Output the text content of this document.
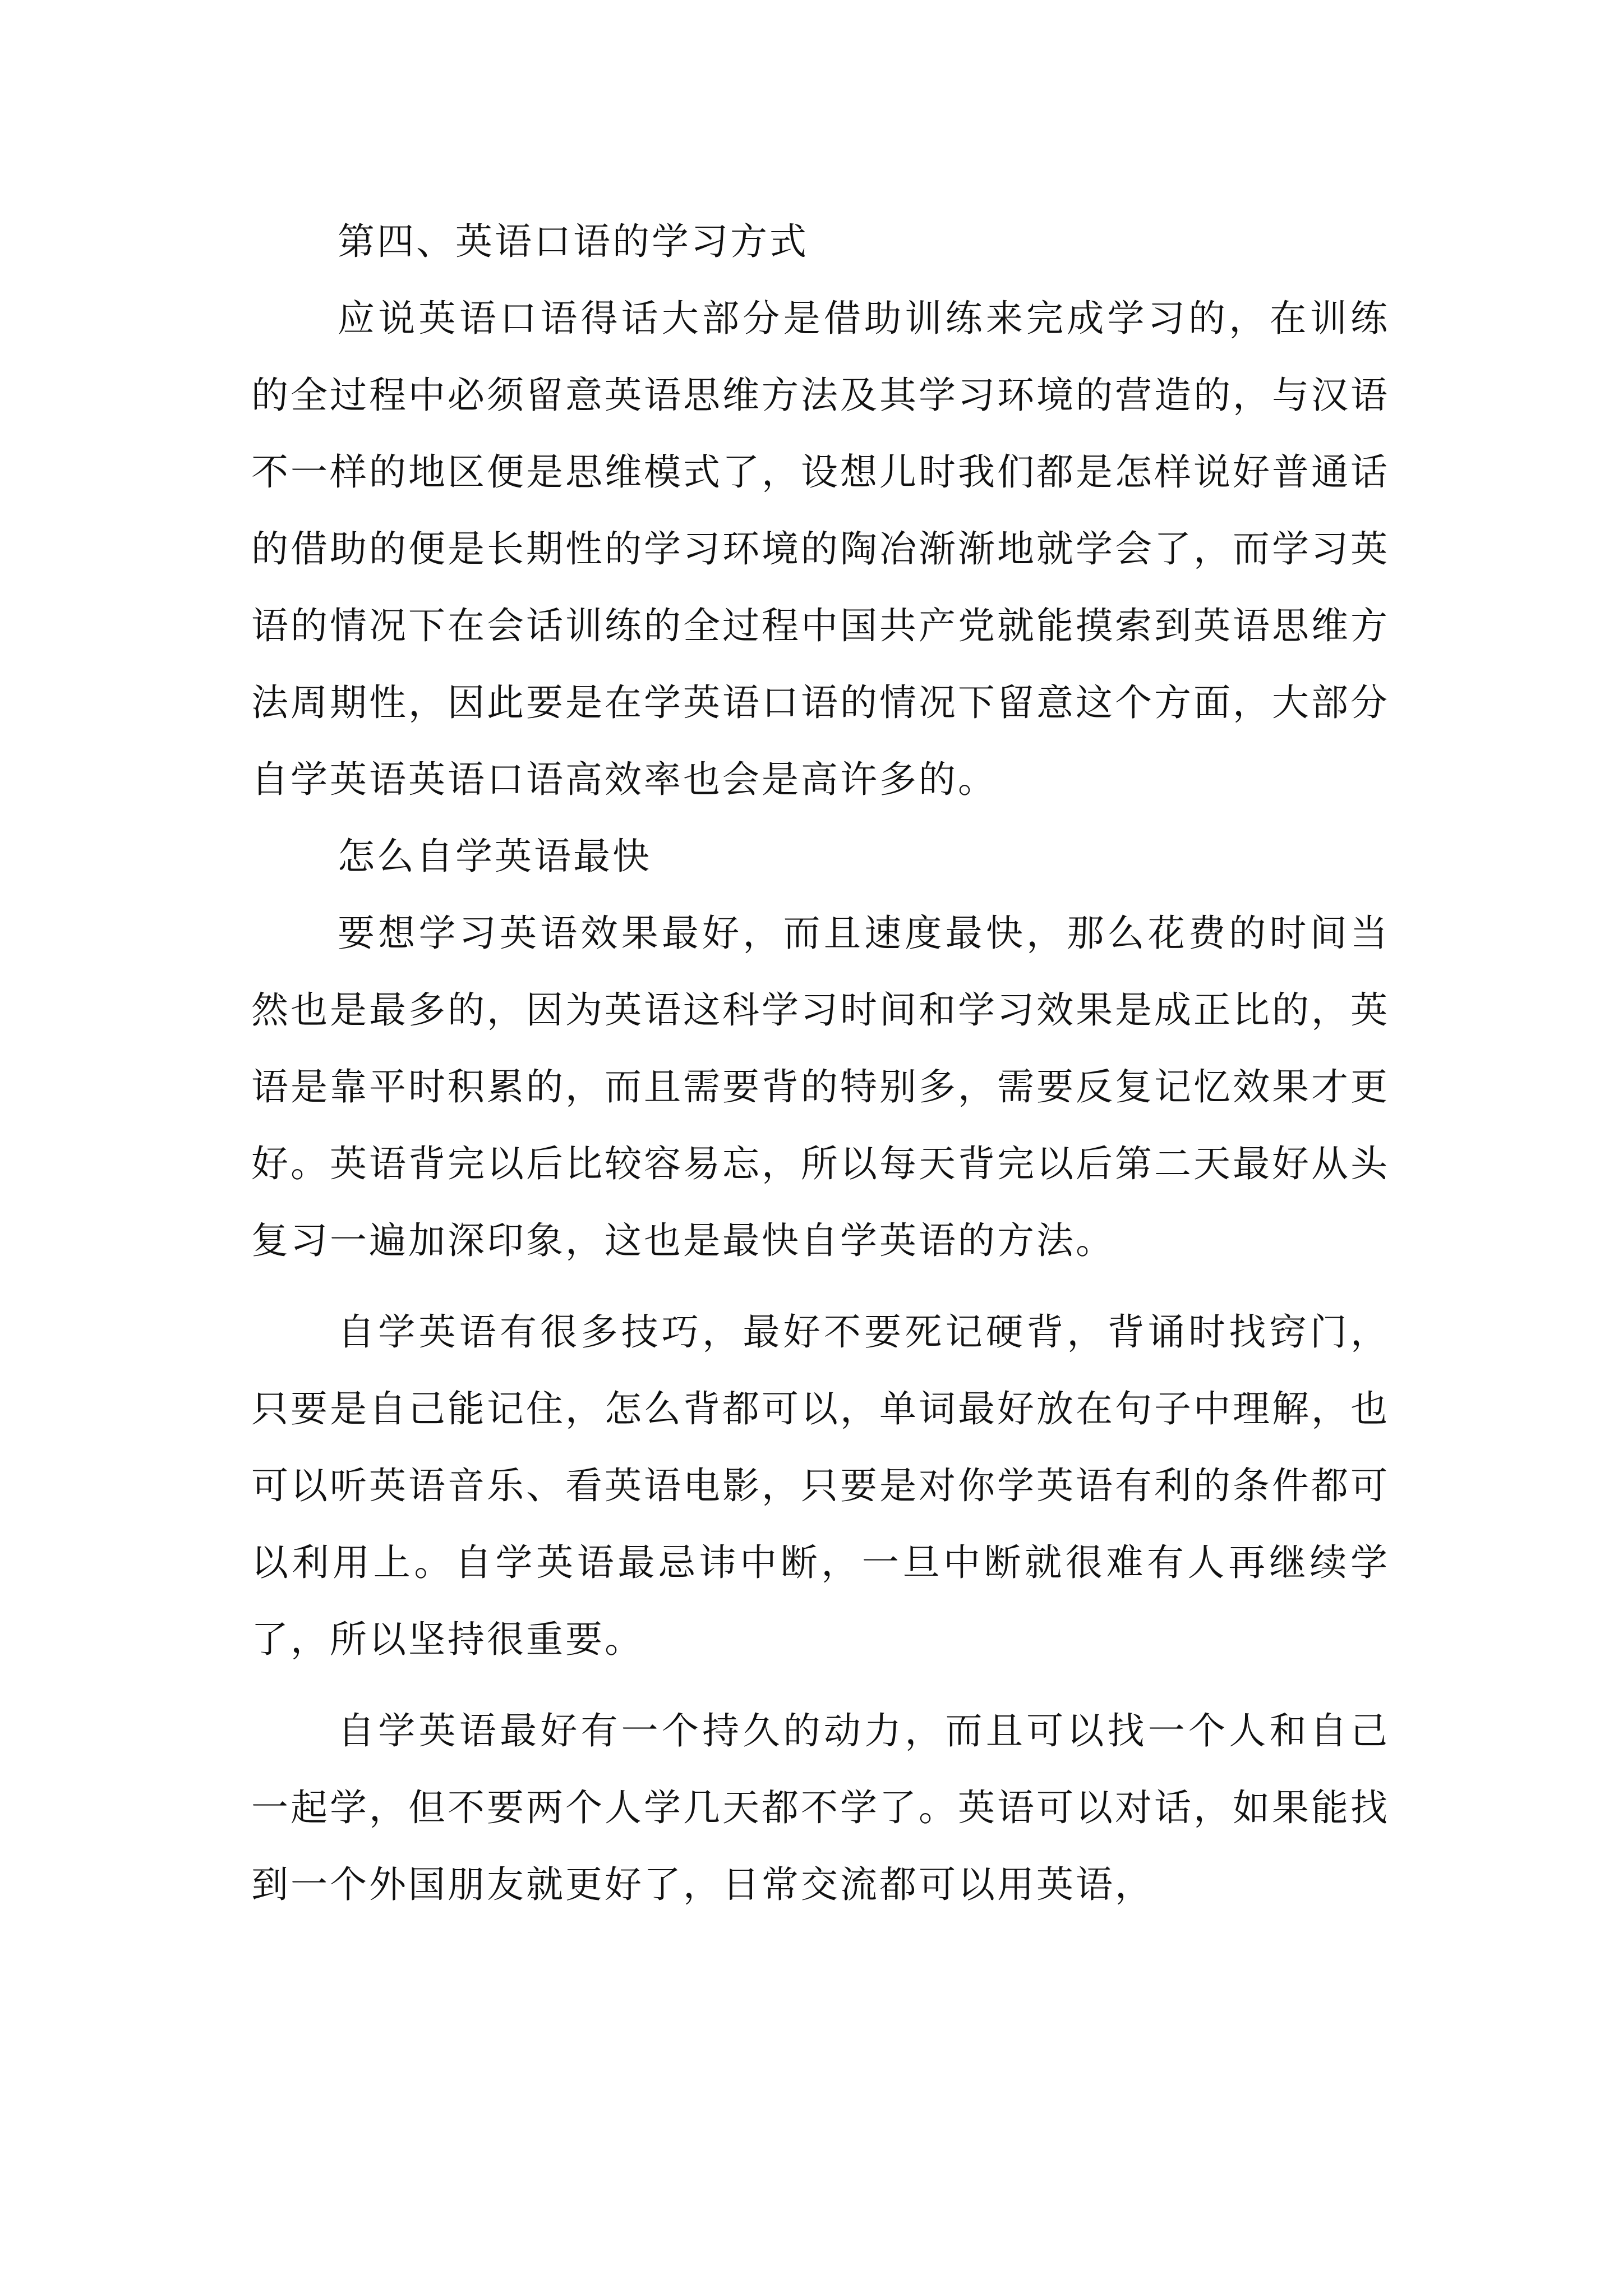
第四、英语口语的学习方式

应说英语口语得话大部分是借助训练来完成学习的，在训练的全过程中必须留意英语思维方法及其学习环境的营造的，与汉语不一样的地区便是思维模式了，设想儿时我们都是怎样说好普通话的借助的便是长期性的学习环境的陶冶渐渐地就学会了，而学习英语的情况下在会话训练的全过程中国共产党就能摸索到英语思维方法周期性，因此要是在学英语口语的情况下留意这个方面，大部分自学英语英语口语高效率也会是高许多的。

怎么自学英语最快

要想学习英语效果最好，而且速度最快，那么花费的时间当然也是最多的，因为英语这科学习时间和学习效果是成正比的，英语是靠平时积累的，而且需要背的特别多，需要反复记忆效果才更好。英语背完以后比较容易忘，所以每天背完以后第二天最好从头复习一遍加深印象，这也是最快自学英语的方法。

自学英语有很多技巧，最好不要死记硬背，背诵时找窍门，只要是自己能记住，怎么背都可以，单词最好放在句子中理解，也可以听英语音乐、看英语电影，只要是对你学英语有利的条件都可以利用上。自学英语最忌讳中断，一旦中断就很难有人再继续学了，所以坚持很重要。

自学英语最好有一个持久的动力，而且可以找一个人和自己一起学，但不要两个人学几天都不学了。英语可以对话，如果能找到一个外国朋友就更好了，日常交流都可以用英语，
